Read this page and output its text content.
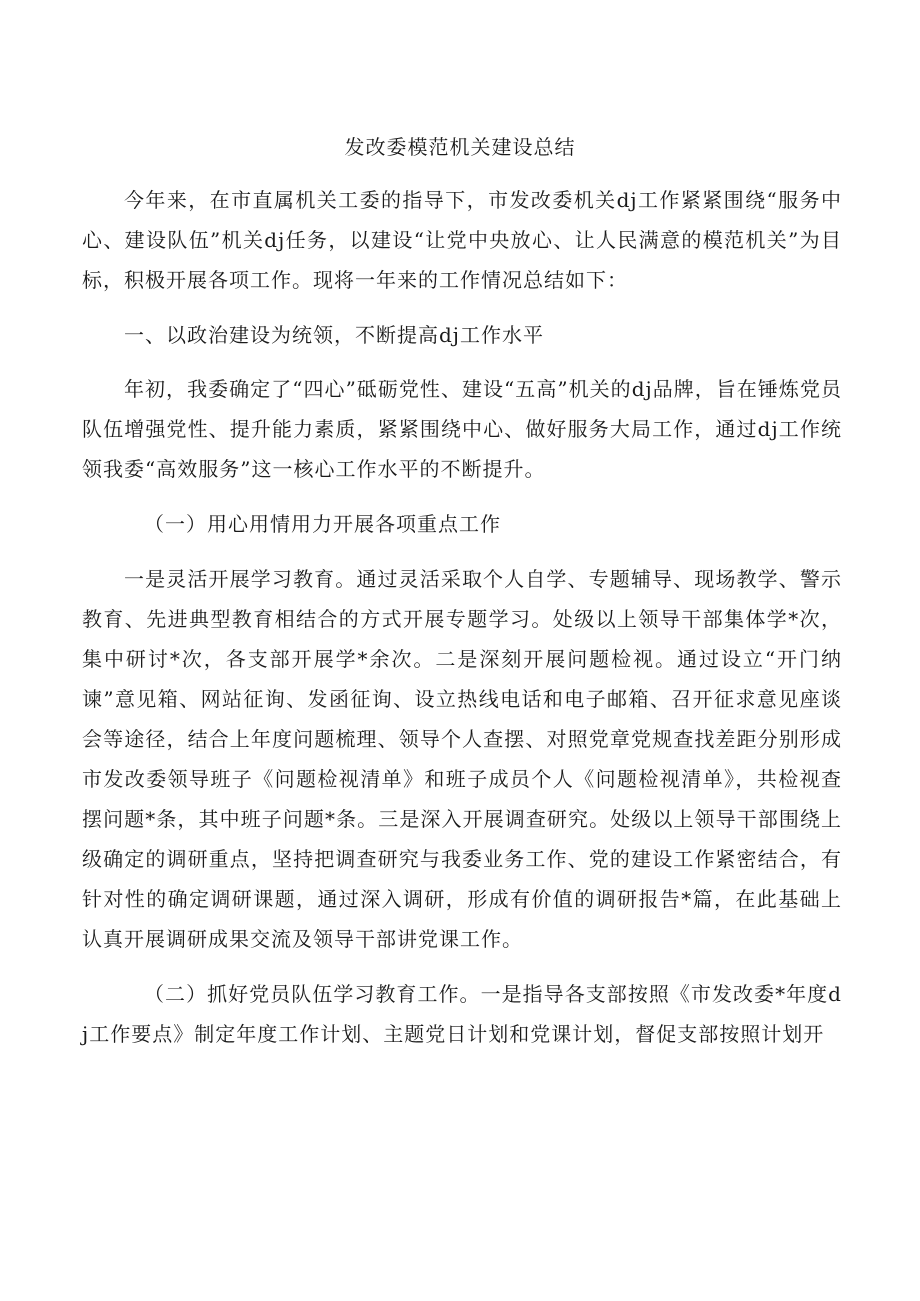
发改委模范机关建设总结

今年来，在市直属机关工委的指导下，市发改委机关dj工作紧紧围绕“服务中心、建设队伍”机关dj任务，以建设“让党中央放心、让人民满意的模范机关”为目标，积极开展各项工作。现将一年来的工作情况总结如下：

一、以政治建设为统领，不断提高dj工作水平

年初，我委确定了“四心”砥砺党性、建设“五高”机关的dj品牌，旨在锤炼党员队伍增强党性、提升能力素质，紧紧围绕中心、做好服务大局工作，通过dj工作统领我委“高效服务”这一核心工作水平的不断提升。

（一）用心用情用力开展各项重点工作

一是灵活开展学习教育。通过灵活采取个人自学、专题辅导、现场教学、警示教育、先进典型教育相结合的方式开展专题学习。处级以上领导干部集体学*次，集中研讨*次，各支部开展学*余次。二是深刻开展问题检视。通过设立“开门纳谏”意见箱、网站征询、发函征询、设立热线电话和电子邮箱、召开征求意见座谈会等途径，结合上年度问题梳理、领导个人查摆、对照党章党规查找差距分别形成市发改委领导班子《问题检视清单》和班子成员个人《问题检视清单》，共检视查摆问题*条，其中班子问题*条。三是深入开展调查研究。处级以上领导干部围绕上级确定的调研重点，坚持把调查研究与我委业务工作、党的建设工作紧密结合，有针对性的确定调研课题，通过深入调研，形成有价值的调研报告*篇，在此基础上认真开展调研成果交流及领导干部讲党课工作。

（二）抓好党员队伍学习教育工作。一是指导各支部按照《市发改委*年度dj工作要点》制定年度工作计划、主题党日计划和党课计划，督促支部按照计划开
